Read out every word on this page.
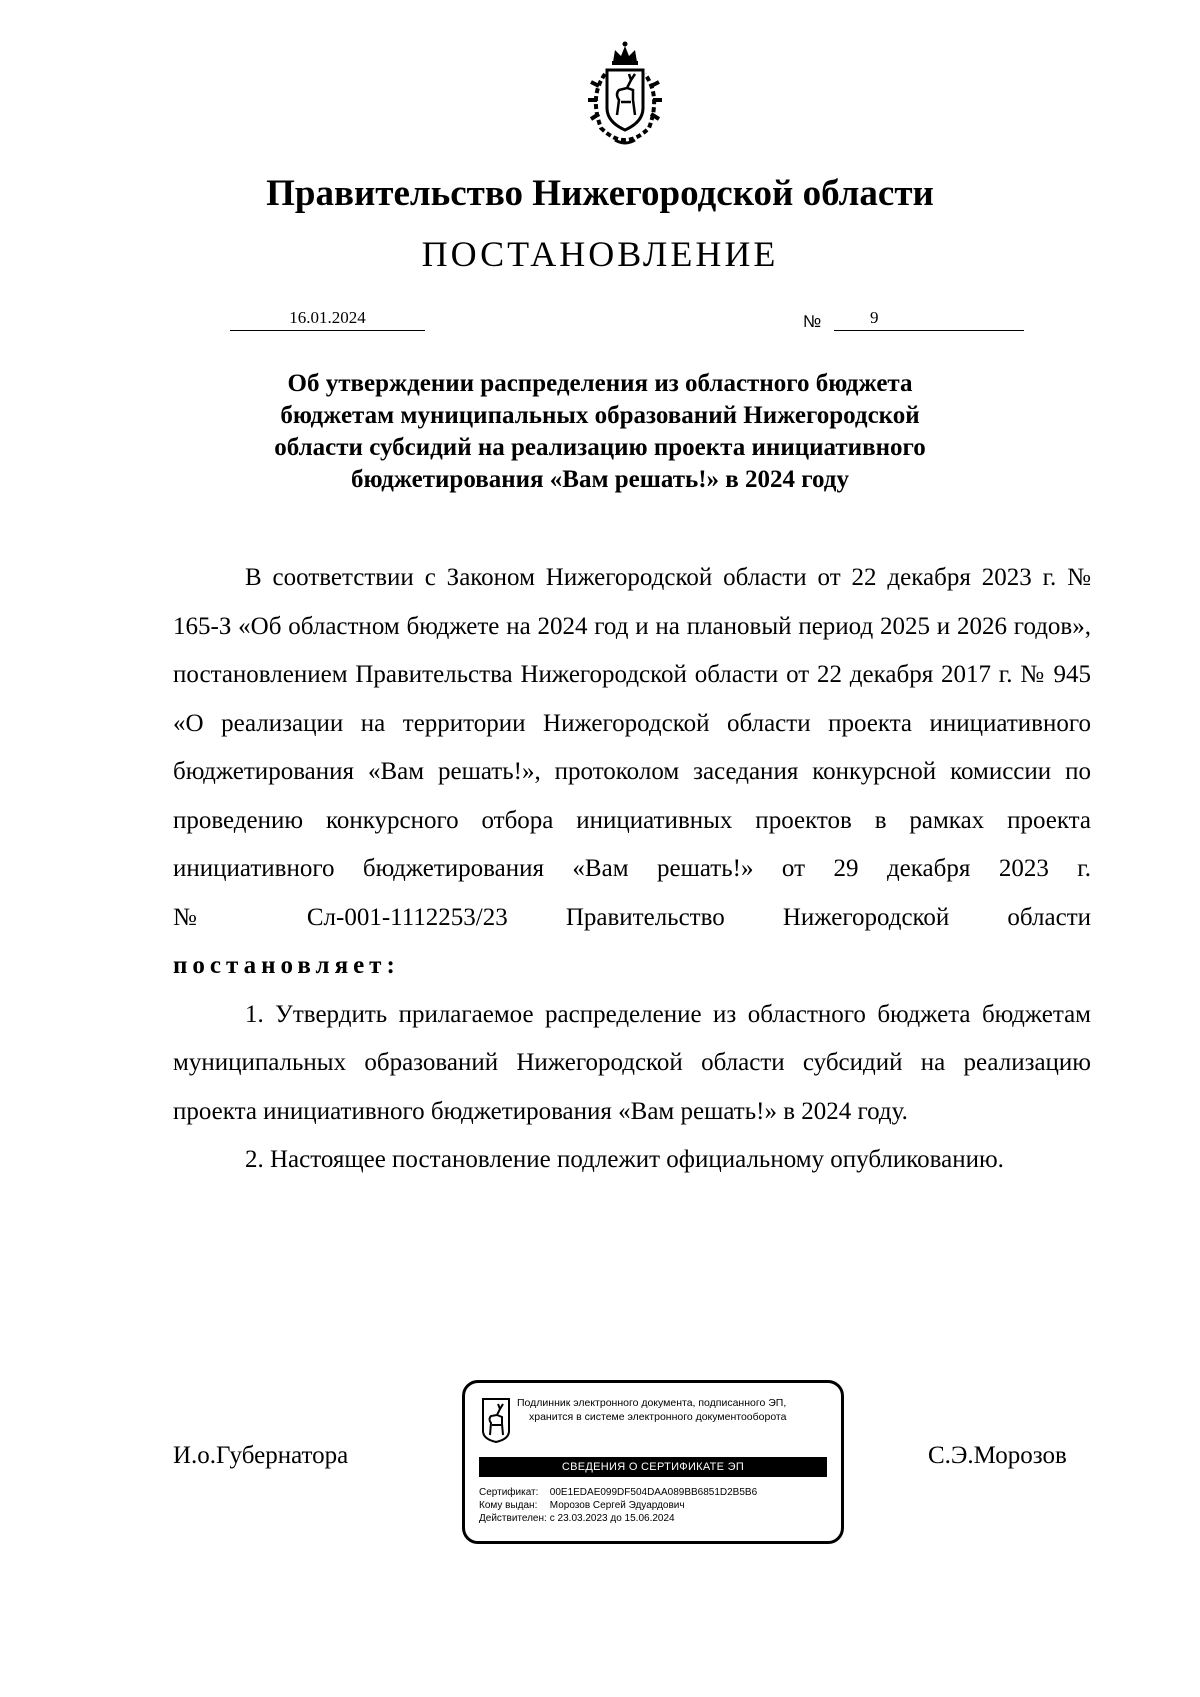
Правительство Нижегородской области
ПОСТАНОВЛЕНИЕ
16.01.2024	№	9
Об утверждении распределения из областного бюджета
бюджетам муниципальных образований Нижегородской
области субсидий на реализацию проекта инициативного
бюджетирования «Вам решать!» в 2024 году

В соответствии с Законом Нижегородской области от 22 декабря 2023 г. № 165-З «Об областном бюджете на 2024 год и на плановый период 2025 и 2026 годов», постановлением Правительства Нижегородской области от 22 декабря 2017 г. № 945 «О реализации на территории Нижегородской области проекта инициативного бюджетирования «Вам решать!», протоколом заседания конкурсной комиссии по проведению конкурсного отбора инициативных проектов в рамках проекта инициативного бюджетирования «Вам решать!» от 29 декабря 2023 г.

№ Сл-001-1112253/23 Правительство Нижегородской области

постановляет:

1. Утвердить прилагаемое распределение из областного бюджета бюджетам муниципальных образований Нижегородской области субсидий на реализацию проекта инициативного бюджетирования «Вам решать!» в 2024 году.

2. Настоящее постановление подлежит официальному опубликованию.

И.о.Губернатора	С.Э.Морозов
Подлинник электронного документа, подписанного ЭП,
хранится в системе электронного документооборота
СВЕДЕНИЯ О СЕРТИФИКАТЕ ЭП
Сертификат: 00E1EDAE099DF504DAA089BB6851D2B5B6
Кому выдан: Морозов Сергей Эдуардович
Действителен: с 23.03.2023 до 15.06.2024
